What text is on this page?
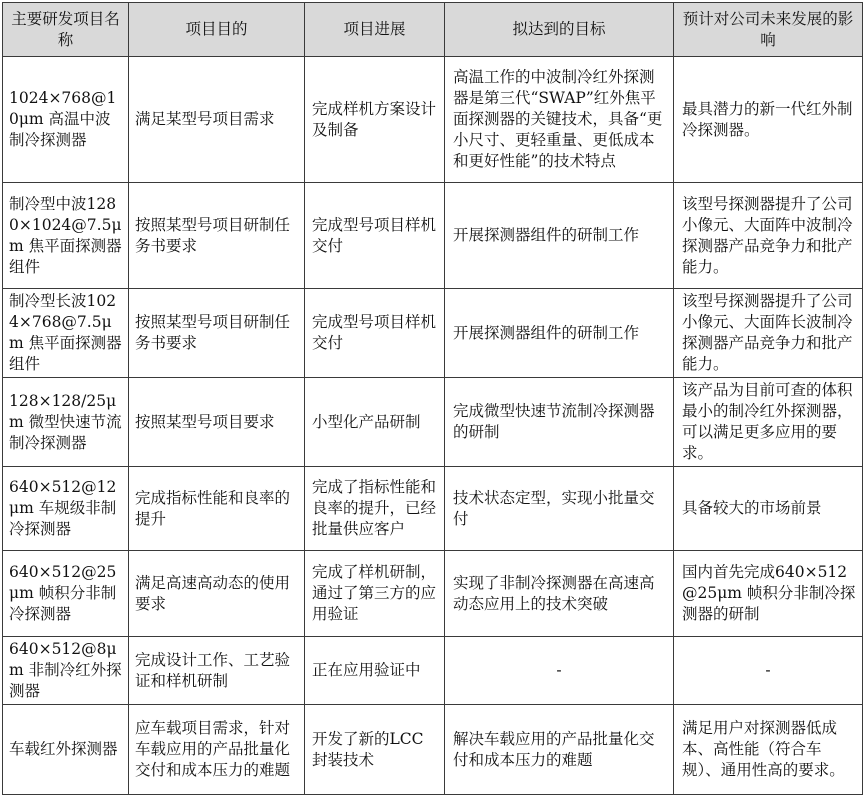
主要研发项目名称	项目目的	项目进展	拟达到的目标	预计对公司未来发展的影响
1024×768@10μm 高温中波制冷探测器	满足某型号项目需求	完成样机方案设计及制备	高温工作的中波制冷红外探测器是第三代“SWAP”红外焦平面探测器的关键技术，具备“更小尺寸、更轻重量、更低成本和更好性能”的技术特点	最具潜力的新一代红外制冷探测器。
制冷型中波1280×1024@7.5μm 焦平面探测器组件	按照某型号项目研制任务书要求	完成型号项目样机交付	开展探测器组件的研制工作	该型号探测器提升了公司小像元、大面阵中波制冷探测器产品竞争力和批产能力。
制冷型长波1024×768@7.5μm 焦平面探测器组件	按照某型号项目研制任务书要求	完成型号项目样机交付	开展探测器组件的研制工作	该型号探测器提升了公司小像元、大面阵长波制冷探测器产品竞争力和批产能力。
128×128/25μm 微型快速节流制冷探测器	按照某型号项目要求	小型化产品研制	完成微型快速节流制冷探测器的研制	该产品为目前可查的体积最小的制冷红外探测器，可以满足更多应用的要求。
640×512@12μm 车规级非制冷探测器	完成指标性能和良率的提升	完成了指标性能和良率的提升，已经批量供应客户	技术状态定型，实现小批量交付	具备较大的市场前景
640×512@25μm 帧积分非制冷探测器	满足高速高动态的使用要求	完成了样机研制，通过了第三方的应用验证	实现了非制冷探测器在高速高动态应用上的技术突破	国内首先完成640×512@25μm 帧积分非制冷探测器的研制
640×512@8μm 非制冷红外探测器	完成设计工作、工艺验证和样机研制	正在应用验证中	-	-
车载红外探测器	应车载项目需求，针对车载应用的产品批量化交付和成本压力的难题	开发了新的LCC 封装技术	解决车载应用的产品批量化交付和成本压力的难题	满足用户对探测器低成本、高性能（符合车规）、通用性高的要求。
